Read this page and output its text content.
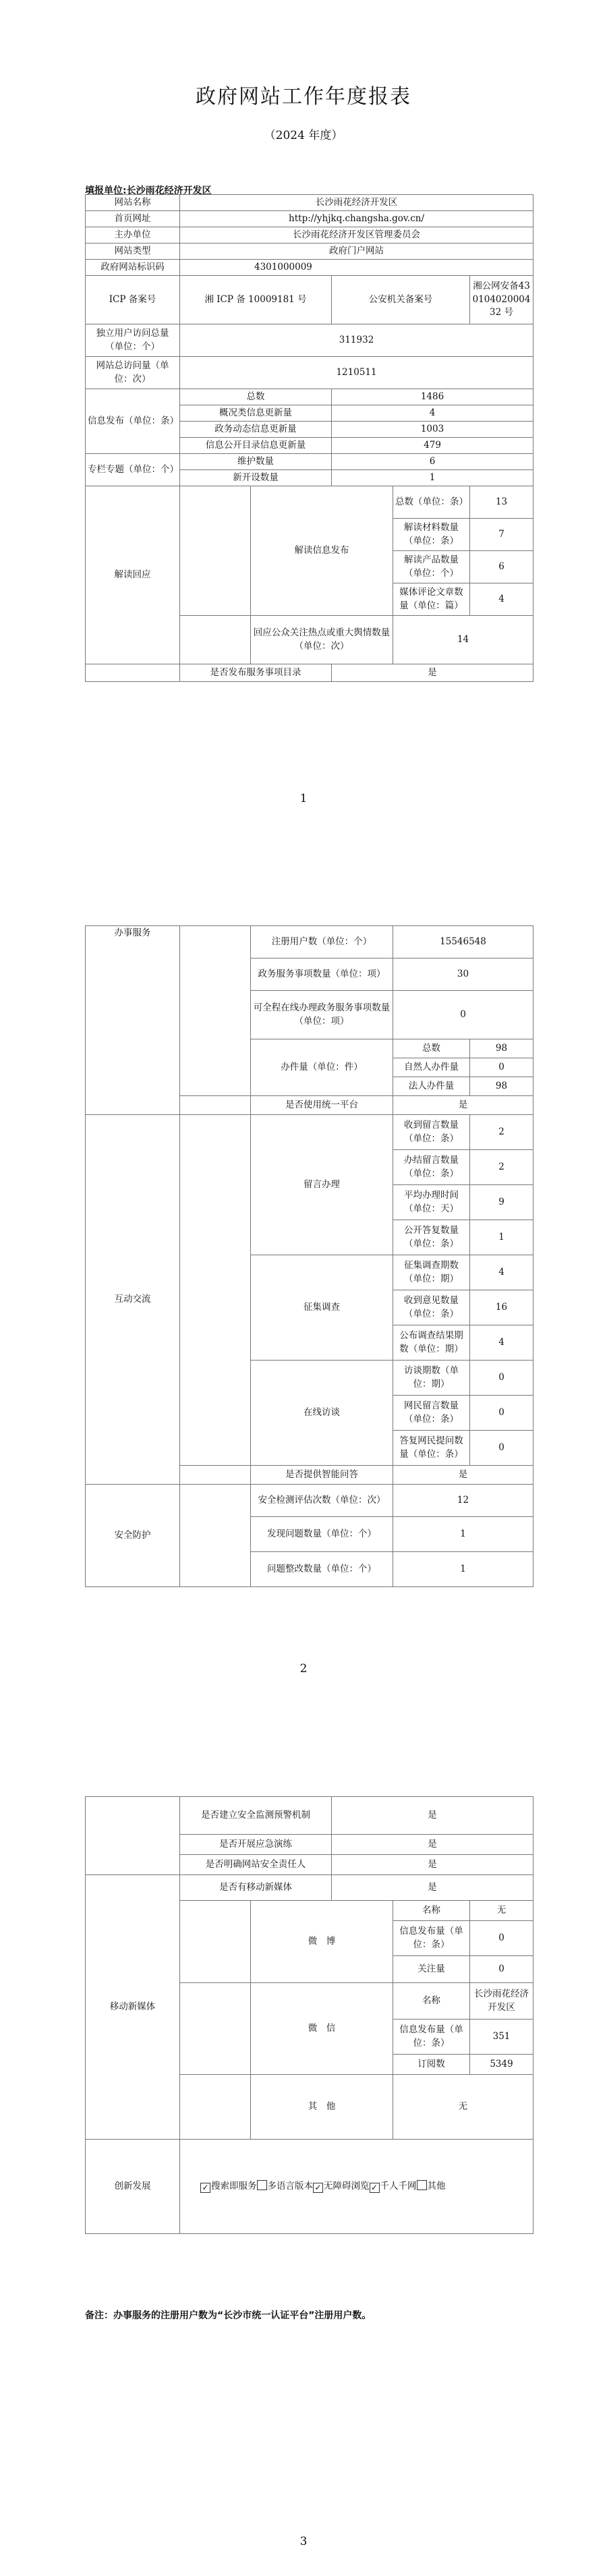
政府网站工作年度报表
（2024 年度）
填报单位:长沙雨花经济开发区
网站名称	长沙雨花经济开发区				
首页网址	http://yhjkq.changsha.gov.cn/				
主办单位	长沙雨花经济开发区管理委员会				
网站类型	政府门户网站				
政府网站标识码	4301000009				
ICP 备案号	湘 ICP 备 10009181 号		公安机关备案号		湘公网安备43010402000432 号
独立用户访问总量（单位：个）	311932				
网站总访问量（单位：次）	1210511				
信息发布（单位：条）	总数		1486		
	概况类信息更新量		4		
	政务动态信息更新量		1003		
	信息公开目录信息更新量		479		
专栏专题（单位：个）	维护数量		6		
	新开设数量		1		
解读回应		解读信息发布		总数（单位：条）	13
				解读材料数量（单位：条）	7
				解读产品数量（单位：个）	6
				媒体评论文章数量（单位：篇）	4
		回应公众关注热点或重大舆情数量（单位：次）		14	
	是否发布服务事项目录		是		
1
办事服务		注册用户数（单位：个）	15546548	
		政务服务事项数量（单位：项）	30	
		可全程在线办理政务服务事项数量（单位：项）	0	
		办件量（单位：件）	总数	98
			自然人办件量	0
			法人办件量	98
		是否使用统一平台	是	
互动交流		留言办理	收到留言数量（单位：条）	2
			办结留言数量（单位：条）	2
			平均办理时间（单位：天）	9
			公开答复数量（单位：条）	1
		征集调查	征集调查期数（单位：期）	4
			收到意见数量（单位：条）	16
			公布调查结果期数（单位：期）	4
		在线访谈	访谈期数（单位：期）	0
			网民留言数量（单位：条）	0
			答复网民提问数量（单位：条）	0
		是否提供智能问答	是	
安全防护		安全检测评估次数（单位：次）	12	
		发现问题数量（单位：个）	1	
		问题整改数量（单位：个）	1	
2
	是否建立安全监测预警机制		是		
	是否开展应急演练		是		
	是否明确网站安全责任人		是		
移动新媒体	是否有移动新媒体		是		
		微　博		名称	无
				信息发布量（单位：条）	0
				关注量	0
		微　信		名称	长沙雨花经济开发区
				信息发布量（单位：条）	351
				订阅数	5349
		其　他		无	
创新发展	✓ 搜索即服务 多语言版本 ✓ 无障碍浏览 ✓ 千人千网 其他				
备注：办事服务的注册用户数为“长沙市统一认证平台”注册用户数。
3
